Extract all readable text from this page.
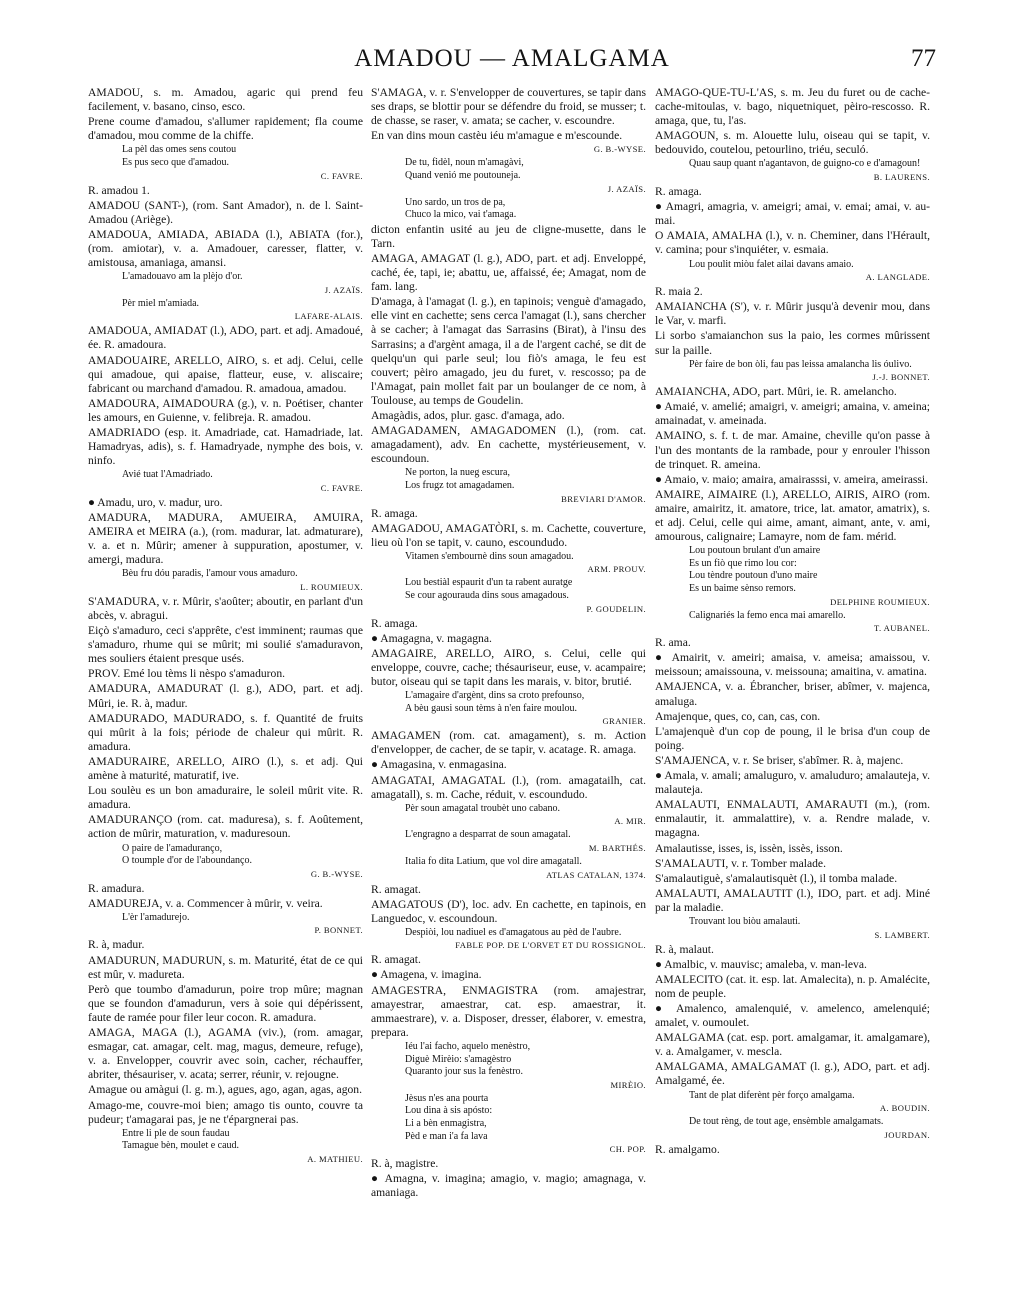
AMADOU — AMALGAMA	77
AMADOU, s. m. Amadou, agaric qui prend feu facilement, v. basano, cinso, esco.
Prene coume d'amadou, s'allumer rapidement; fla coume d'amadou, mou comme de la chiffe.
La pèl das omes sens coutou
Es pus seco que d'amadou.
C. FAVRE.
R. amadou 1.
AMADOU (SANT-), (rom. Sant Amador), n. de l. Saint-Amadou (Ariège).
AMADOUA, AMIADA, ABIADA (l.), ABIATA (for.), (rom. amiotar), v. a. Amadouer, caresser, flatter, v. amistousa, amaniaga, amansi.
L'amadouavo am la plèjo d'or.
J. AZAÏS.
Pèr miel m'amiada.
LAFARE-ALAIS.
AMADOUA, AMIADAT (l.), ADO, part. et adj. Amadoué, ée. R. amadoura.
AMADOUAIRE, ARELLO, AIRO, s. et adj. Celui, celle qui amadoue, qui apaise, flatteur, euse, v. aliscaire; fabricant ou marchand d'amadou. R. amadoua, amadou.
AMADOURA, AIMADOURA (g.), v. n. Poétiser, chanter les amours, en Guienne, v. felibreja. R. amadou.
AMADRIADO (esp. it. Amadriade, cat. Hamadriade, lat. Hamadryas, adis), s. f. Hamadryade, nymphe des bois, v. ninfo.
Avié tuat l'Amadriado.
C. FAVRE.
● Amadu, uro, v. madur, uro.
AMADURA, MADURA, AMUEIRA, AMUIRA, AMEIRA et MEIRA (a.), (rom. madurar, lat. admaturare), v. a. et n. Mûrir; amener à suppuration, apostumer, v. amergi, madura.
Bèu fru dóu paradis, l'amour vous amaduro.
L. ROUMIEUX.
S'AMADURA, v. r. Mûrir, s'aoûter; aboutir, en parlant d'un abcès, v. abragui.
Eiçò s'amaduro, ceci s'apprête, c'est imminent; raumas que s'amaduro, rhume qui se mûrit; mi soulié s'amaduravon, mes souliers étaient presque usés.
PROV. Emé lou tèms li nèspo s'amaduron.
AMADURA, AMADURAT (l. g.), ADO, part. et adj. Mûri, ie. R. à, madur.
AMADURADO, MADURADO, s. f. Quantité de fruits qui mûrit à la fois; période de chaleur qui mûrit. R. amadura.
AMADURAIRE, ARELLO, AIRO (l.), s. et adj. Qui amène à maturité, maturatif, ive.
Lou soulèu es un bon amaduraire, le soleil mûrit vite. R. amadura.
AMADURANÇO (rom. cat. maduresa), s. f. Aoûtement, action de mûrir, maturation, v. maduresoun.
O paire de l'amaduranço,
O toumple d'or de l'aboundanço.
G. B.-WYSE.
R. amadura.
AMADUREJA, v. a. Commencer à mûrir, v. veira.
L'èr l'amadurejo.
P. BONNET.
R. à, madur.
AMADURUN, MADURUN, s. m. Maturité, état de ce qui est mûr, v. madureta.
Però que toumbo d'amadurun, poire trop mûre; magnan que se foundon d'amadurun, vers à soie qui dépérissent, faute de ramée pour filer leur cocon. R. amadura.
AMAGA, MAGA (l.), AGAMA (viv.), (rom. amagar, esmagar, cat. amagar, celt. mag, magus, demeure, refuge), v. a. Envelopper, couvrir avec soin, cacher, réchauffer, abriter, thésauriser, v. acata; serrer, réunir, v. rejougne.
Amague ou amàgui (l. g. m.), agues, ago, agan, agas, agon.
Amago-me, couvre-moi bien; amago tis ounto, couvre ta pudeur; t'amagarai pas, je ne t'épargnerai pas.
Entre li ple de soun faudau
Tamague bèn, moulet e caud.
A. MATHIEU.
S'AMAGA, v. r. S'envelopper de couvertures, se tapir dans ses draps, se blottir pour se défendre du froid, se musser; t. de chasse, se raser, v. amata; se cacher, v. escoundre.
En van dins moun castèu iéu m'amague e m'escounde.
G. B.-WYSE.
De tu, fidèl, noun m'amagàvi,
Quand venió me poutouneja.
J. AZAÏS.
Uno sardo, un tros de pa,
Chuco la mico, vai t'amaga.
dicton enfantin usité au jeu de cligne-musette, dans le Tarn.
AMAGA, AMAGAT (l. g.), ADO, part. et adj. Enveloppé, caché, ée, tapi, ie; abattu, ue, affaissé, ée; Amagat, nom de fam. lang.
D'amaga, à l'amagat (l. g.), en tapinois; venguè d'amagado, elle vint en cachette; sens cerca l'amagat (l.), sans chercher à se cacher; à l'amagat das Sarrasins (Birat), à l'insu des Sarrasins; a d'argènt amaga, il a de l'argent caché, se dit de quelqu'un qui parle seul; lou fiò's amaga, le feu est couvert; pèiro amagado, jeu du furet, v. rescosso; pa de l'Amagat, pain mollet fait par un boulanger de ce nom, à Toulouse, au temps de Goudelin.
Amagàdis, ados, plur. gasc. d'amaga, ado.
AMAGADAMEN, AMAGADOMEN (l.), (rom. cat. amagadament), adv. En cachette, mystérieusement, v. escoundoun.
Ne porton, la nueg escura,
Los frugz tot amagadamen.
BREVIARI D'AMOR.
R. amaga.
AMAGADOU, AMAGATÒRI, s. m. Cachette, couverture, lieu où l'on se tapit, v. cauno, escoundudo.
Vitamen s'embournè dins soun amagadou.
ARM. PROUV.
Lou bestiàl espaurit d'un ta rabent auratge
Se cour agourauda dins sous amagadous.
P. GOUDELIN.
R. amaga.
● Amagagna, v. magagna.
AMAGAIRE, ARELLO, AIRO, s. Celui, celle qui enveloppe, couvre, cache; thésauriseur, euse, v. acampaire; butor, oiseau qui se tapit dans les marais, v. bitor, brutié.
L'amagaire d'argènt, dins sa croto prefounso,
A bèu gausi soun tèms à n'en faire moulou.
GRANIER.
AMAGAMEN (rom. cat. amagament), s. m. Action d'envelopper, de cacher, de se tapir, v. acatage. R. amaga.
● Amagasina, v. enmagasina.
AMAGATAI, AMAGATAL (l.), (rom. amagatailh, cat. amagatall), s. m. Cache, réduit, v. escoundudo.
Pèr soun amagatal troubèt uno cabano.
A. MIR.
L'engragno a desparrat de soun amagatal.
M. BARTHÉS.
Italia fo dita Latium, que vol dire amagatall.
ATLAS CATALAN, 1374.
R. amagat.
AMAGATOUS (D'), loc. adv. En cachette, en tapinois, en Languedoc, v. escoundoun.
Despiòi, lou nadiuel es d'amagatous au pèd de l'aubre.
FABLE POP. DE L'ORVET ET DU ROSSIGNOL.
R. amagat.
● Amagena, v. imagina.
AMAGESTRA, ENMAGISTRA (rom. amajestrar, amayestrar, amaestrar, cat. esp. amaestrar, it. ammaestrare), v. a. Disposer, dresser, élaborer, v. emestra, prepara.
Iéu l'ai facho, aquelo menèstro,
Diguè Mirèio: s'amagèstro
Quaranto jour sus la fenèstro.
MIRÈIO.
Jèsus n'es ana pourta
Lou dina à sis apósto:
Li a bèn enmagistra,
Pèd e man i'a fa lava
CH. POP.
R. à, magistre.
● Amagna, v. imagina; amagio, v. magio; amagnaga, v. amaniaga.
AMAGO-QUE-TU-L'AS, s. m. Jeu du furet ou de cache-cache-mitoulas, v. bago, niquetniquet, pèiro-rescosso. R. amaga, que, tu, l'as.
AMAGOUN, s. m. Alouette lulu, oiseau qui se tapit, v. bedouvido, coutelou, petourlino, triéu, seculó.
Quau saup quant n'agantavon, de guigno-co e d'amagoun!
B. LAURENS.
R. amaga.
● Amagri, amagria, v. ameigri; amai, v. emai; amai, v. au-mai.
O AMAIA, AMALHA (l.), v. n. Cheminer, dans l'Hérault, v. camina; pour s'inquiéter, v. esmaia.
Lou poulit miòu falet ailai davans amaio.
A. LANGLADE.
R. maia 2.
AMAIANCHA (S'), v. r. Mûrir jusqu'à devenir mou, dans le Var, v. marfi.
Li sorbo s'amaianchon sus la paio, les cormes mûrissent sur la paille.
Pèr faire de bon òli, fau pas leissa amalancha lis óulivo.
J.-J. BONNET.
AMAIANCHA, ADO, part. Mûri, ie. R. amelancho.
● Amaié, v. amelié; amaigri, v. ameigri; amaina, v. ameina; amainadat, v. ameinada.
AMAINO, s. f. t. de mar. Amaine, cheville qu'on passe à l'un des montants de la rambade, pour y enrouler l'hisson de trinquet. R. ameina.
● Amaio, v. maio; amaira, amairasssi, v. ameira, ameirassi.
AMAIRE, AIMAIRE (l.), ARELLO, AIRIS, AIRO (rom. amaire, amairitz, it. amatore, trice, lat. amator, amatrix), s. et adj. Celui, celle qui aime, amant, aimant, ante, v. ami, amourous, calignaire; Lamayre, nom de fam. mérid.
Lou poutoun brulant d'un amaire
Es un fiò que rimo lou cor:
Lou tèndre poutoun d'uno maire
Es un baime sènso remors.
DELPHINE ROUMIEUX.
Calignariés la femo enca mai amarello.
T. AUBANEL.
R. ama.
● Amairit, v. ameiri; amaisa, v. ameisa; amaissou, v. meissoun; amaissouna, v. meissouna; amaitina, v. amatina.
AMAJENCA, v. a. Ébrancher, briser, abîmer, v. majenca, amaluga.
Amajenque, ques, co, can, cas, con.
L'amajenquè d'un cop de poung, il le brisa d'un coup de poing.
S'AMAJENCA, v. r. Se briser, s'abîmer. R. à, majenc.
● Amala, v. amali; amaluguro, v. amaluduro; amalauteja, v. malauteja.
AMALAUTI, ENMALAUTI, AMARAUTI (m.), (rom. enmalautir, it. ammalattire), v. a. Rendre malade, v. magagna.
Amalautisse, isses, is, issèn, issès, isson.
S'AMALAUTI, v. r. Tomber malade.
S'amalautiguè, s'amalautisquèt (l.), il tomba malade.
AMALAUTI, AMALAUTIT (l.), IDO, part. et adj. Miné par la maladie.
Trouvant lou biòu amalauti.
S. LAMBERT.
R. à, malaut.
● Amalbic, v. mauvisc; amaleba, v. man-leva.
AMALECITO (cat. it. esp. lat. Amalecita), n. p. Amalécite, nom de peuple.
● Amalenco, amalenquié, v. amelenco, amelenquié; amalet, v. oumoulet.
AMALGAMA (cat. esp. port. amalgamar, it. amalgamare), v. a. Amalgamer, v. mescla.
AMALGAMA, AMALGAMAT (l. g.), ADO, part. et adj. Amalgamé, ée.
Tant de plat diferènt pèr forço amalgama.
A. BOUDIN.
De tout rèng, de tout age, ensèmble amalgamats.
JOURDAN.
R. amalgamo.
